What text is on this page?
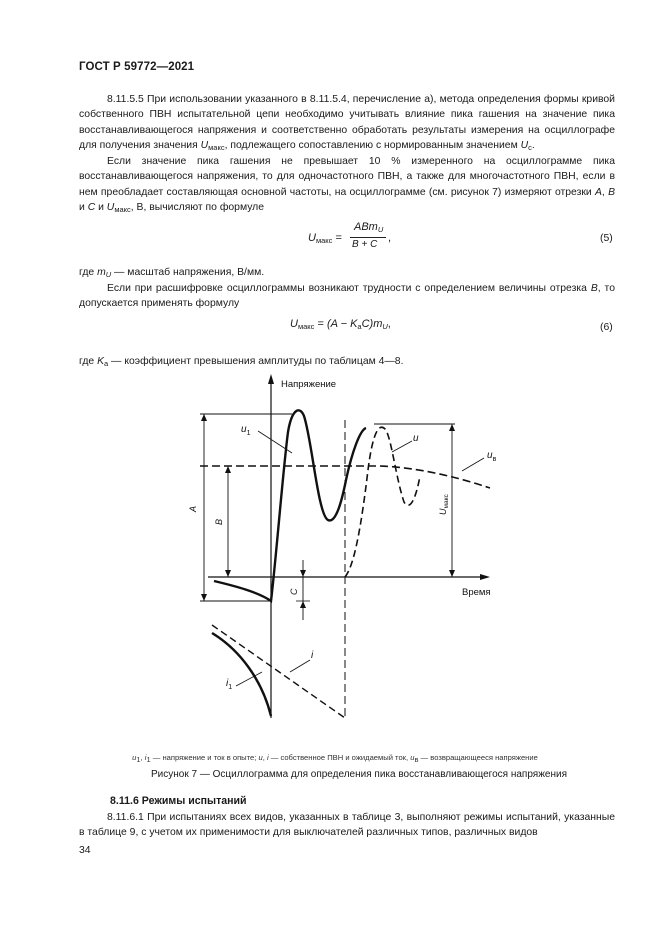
ГОСТ Р 59772—2021

8.11.5.5 При использовании указанного в 8.11.5.4, перечисление а), метода определения формы кривой собственного ПВН испытательной цепи необходимо учитывать влияние пика гашения на значение пика восстанавливающегося напряжения и соответственно обработать результаты измерения на осциллографе для получения значения $U_{макс}$, подлежащего сопоставлению с нормированным значением $U_c$.

Если значение пика гашения не превышает 10 % измеренного на осциллограмме пика восстанавливающегося напряжения, то для одночастотного ПВН, а также для многочастотного ПВН, если в нем преобладает составляющая основной частоты, на осциллограмме (см. рисунок 7) измеряют отрезки A, B и C и $U_{макс}$, B, вычисляют по формуле

$U_{макс}$ =
ABm$_U$
B + C
,	(5)

где $m_U$ — масштаб напряжения, В/мм.

Если при расшифровке осциллограммы возникают трудности с определением величины отрезка B, то допускается применять формулу

$U_{макс} = (A - K_aC)m_U$,	(6)

где $K_a$ — коэффициент превышения амплитуды по таблицам 4—8.

Напряжение
Время
$u_1$	u
$u_в$
A
B
C
$U_{макс}$
i
$i_1$
$u_1$, $i_1$ — напряжение и ток в опыте; u, i — собственное ПВН и ожидаемый ток, $u_в$ — возвращающееся напряжение
Рисунок 7 — Осциллограмма для определения пика восстанавливающегося напряжения
8.11.6 Режимы испытаний

8.11.6.1 При испытаниях всех видов, указанных в таблице 3, выполняют режимы испытаний, указанные в таблице 9, с учетом их применимости для выключателей различных типов, различных видов

34
